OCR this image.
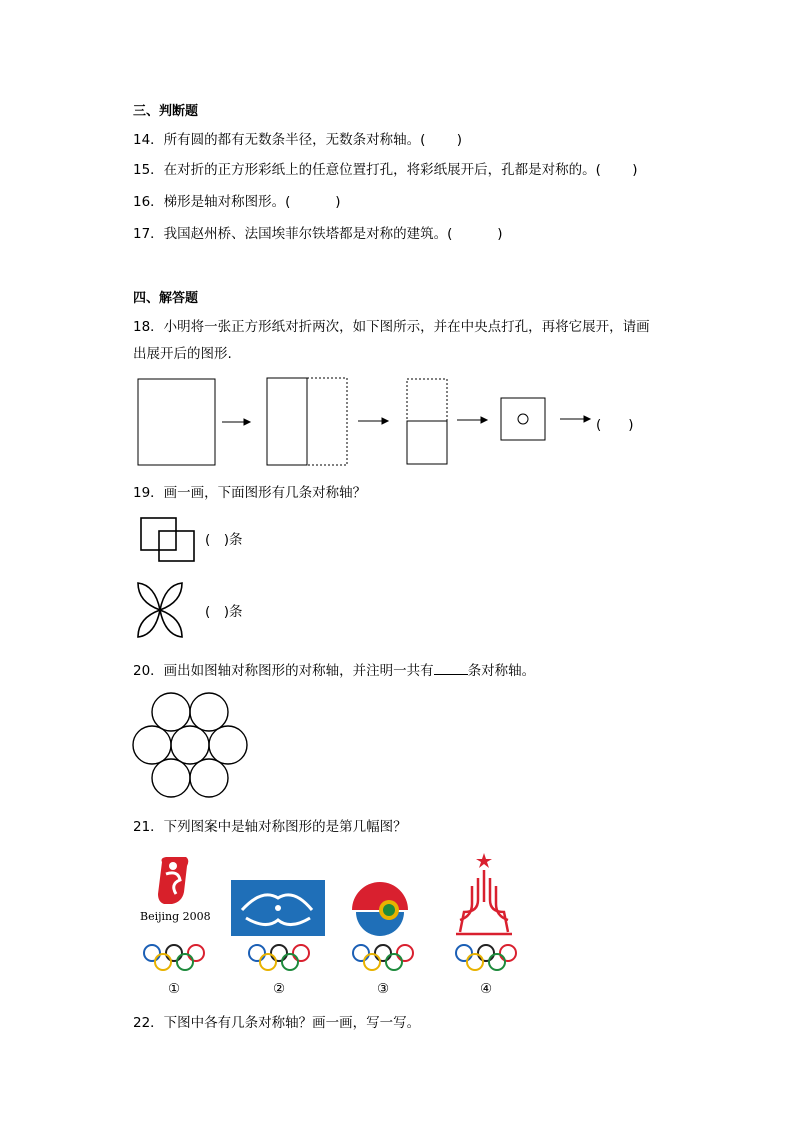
三、判断题
14．所有圆的都有无数条半径，无数条对称轴。(　　 )
15．在对折的正方形彩纸上的任意位置打孔，将彩纸展开后，孔都是对称的。(　　 )
16．梯形是轴对称图形。(　　　 )
17．我国赵州桥、法国埃菲尔铁塔都是对称的建筑。(　　　 )
四、解答题
18．小明将一张正方形纸对折两次，如下图所示，并在中央点打孔，再将它展开，请画
出展开后的图形.
(　　)
19．画一画，下面图形有几条对称轴？
(　)条
(　)条
20．画出如图轴对称图形的对称轴，并注明一共有	条对称轴。
21．下列图案中是轴对称图形的是第几幅图？
Beijing 2008
①	②	③	④
22．下图中各有几条对称轴？画一画，写一写。
